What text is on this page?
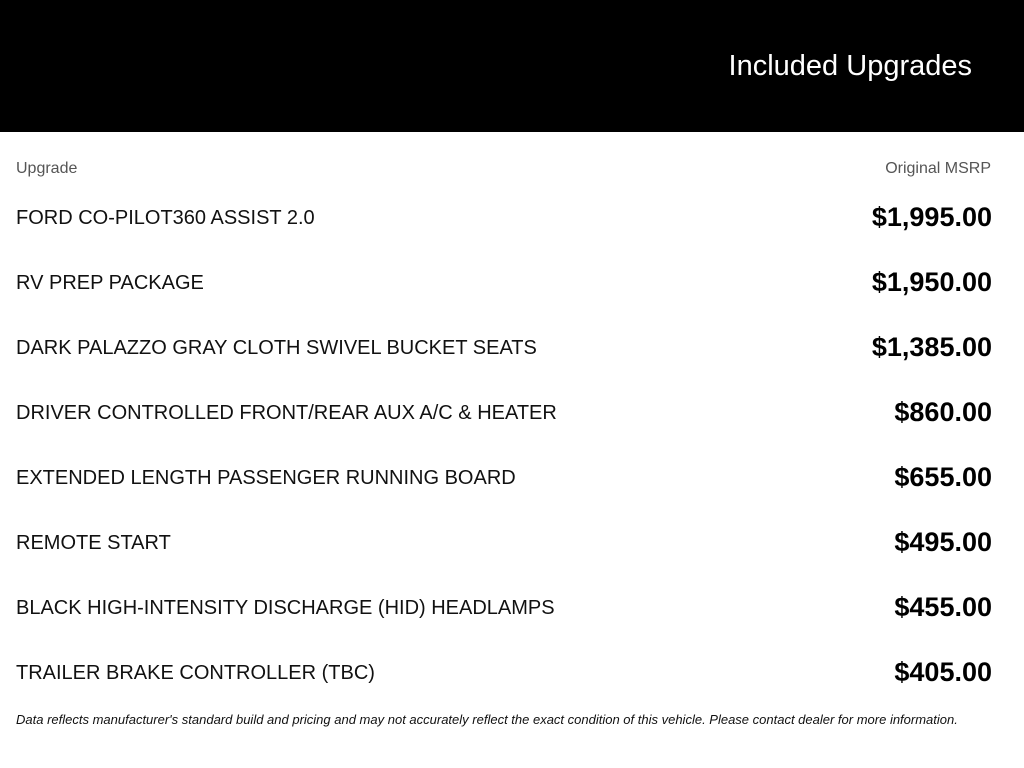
Included Upgrades
Upgrade	Original MSRP
FORD CO-PILOT360 ASSIST 2.0	$1,995.00
RV PREP PACKAGE	$1,950.00
DARK PALAZZO GRAY CLOTH SWIVEL BUCKET SEATS	$1,385.00
DRIVER CONTROLLED FRONT/REAR AUX A/C & HEATER	$860.00
EXTENDED LENGTH PASSENGER RUNNING BOARD	$655.00
REMOTE START	$495.00
BLACK HIGH-INTENSITY DISCHARGE (HID) HEADLAMPS	$455.00
TRAILER BRAKE CONTROLLER (TBC)	$405.00
Data reflects manufacturer's standard build and pricing and may not accurately reflect the exact condition of this vehicle. Please contact dealer for more information.
